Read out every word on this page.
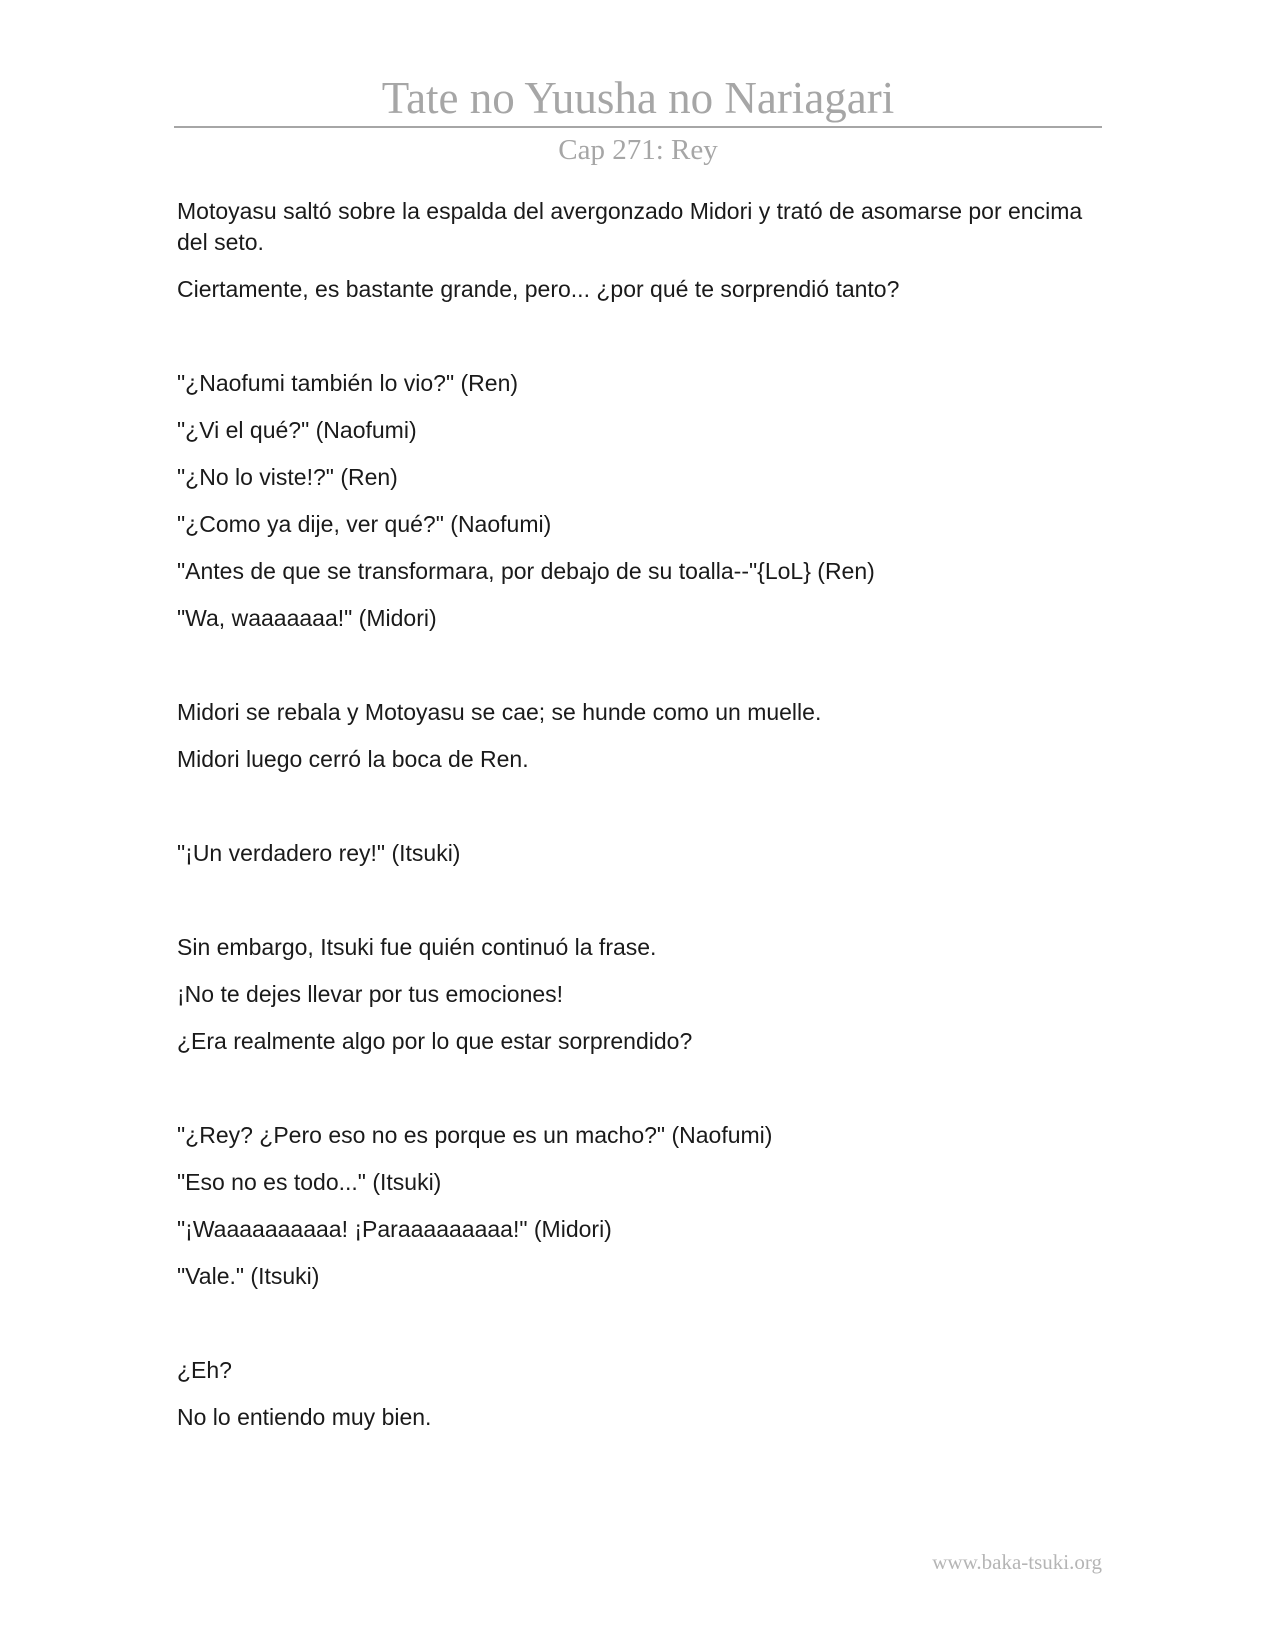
Tate no Yuusha no Nariagari
Cap 271: Rey

Motoyasu saltó sobre la espalda del avergonzado Midori y trató de asomarse por encima del seto.

Ciertamente, es bastante grande, pero... ¿por qué te sorprendió tanto?

"¿Naofumi también lo vio?" (Ren)

"¿Vi el qué?" (Naofumi)

"¿No lo viste!?" (Ren)

"¿Como ya dije, ver qué?" (Naofumi)

"Antes de que se transformara, por debajo de su toalla--"{LoL} (Ren)

"Wa, waaaaaaa!" (Midori)

Midori se rebala y Motoyasu se cae; se hunde como un muelle.

Midori luego cerró la boca de Ren.

"¡Un verdadero rey!" (Itsuki)

Sin embargo, Itsuki fue quién continuó la frase.

¡No te dejes llevar por tus emociones!

¿Era realmente algo por lo que estar sorprendido?

"¿Rey? ¿Pero eso no es porque es un macho?" (Naofumi)

"Eso no es todo..." (Itsuki)

"¡Waaaaaaaaaa! ¡Paraaaaaaaaa!" (Midori)

"Vale." (Itsuki)

¿Eh?

No lo entiendo muy bien.

www.baka-tsuki.org
